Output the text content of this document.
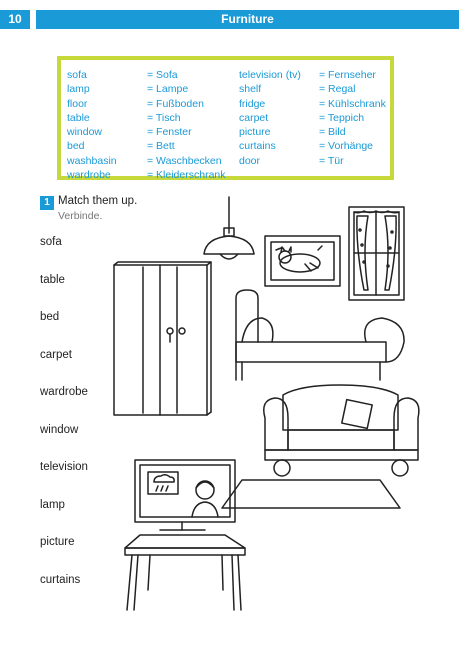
10	Furniture
sofa
lamp
floor
table
window
bed
washbasin
wardrobe
= Sofa
= Lampe
= Fußboden
= Tisch
= Fenster
= Bett
= Waschbecken
= Kleiderschrank
television (tv)
shelf
fridge
carpet
picture
curtains
door
= Fernseher
= Regal
= Kühlschrank
= Teppich
= Bild
= Vorhänge
= Tür
1 Match them up.
Verbinde.
sofa
table
bed
carpet
wardrobe
window
television
lamp
picture
curtains
